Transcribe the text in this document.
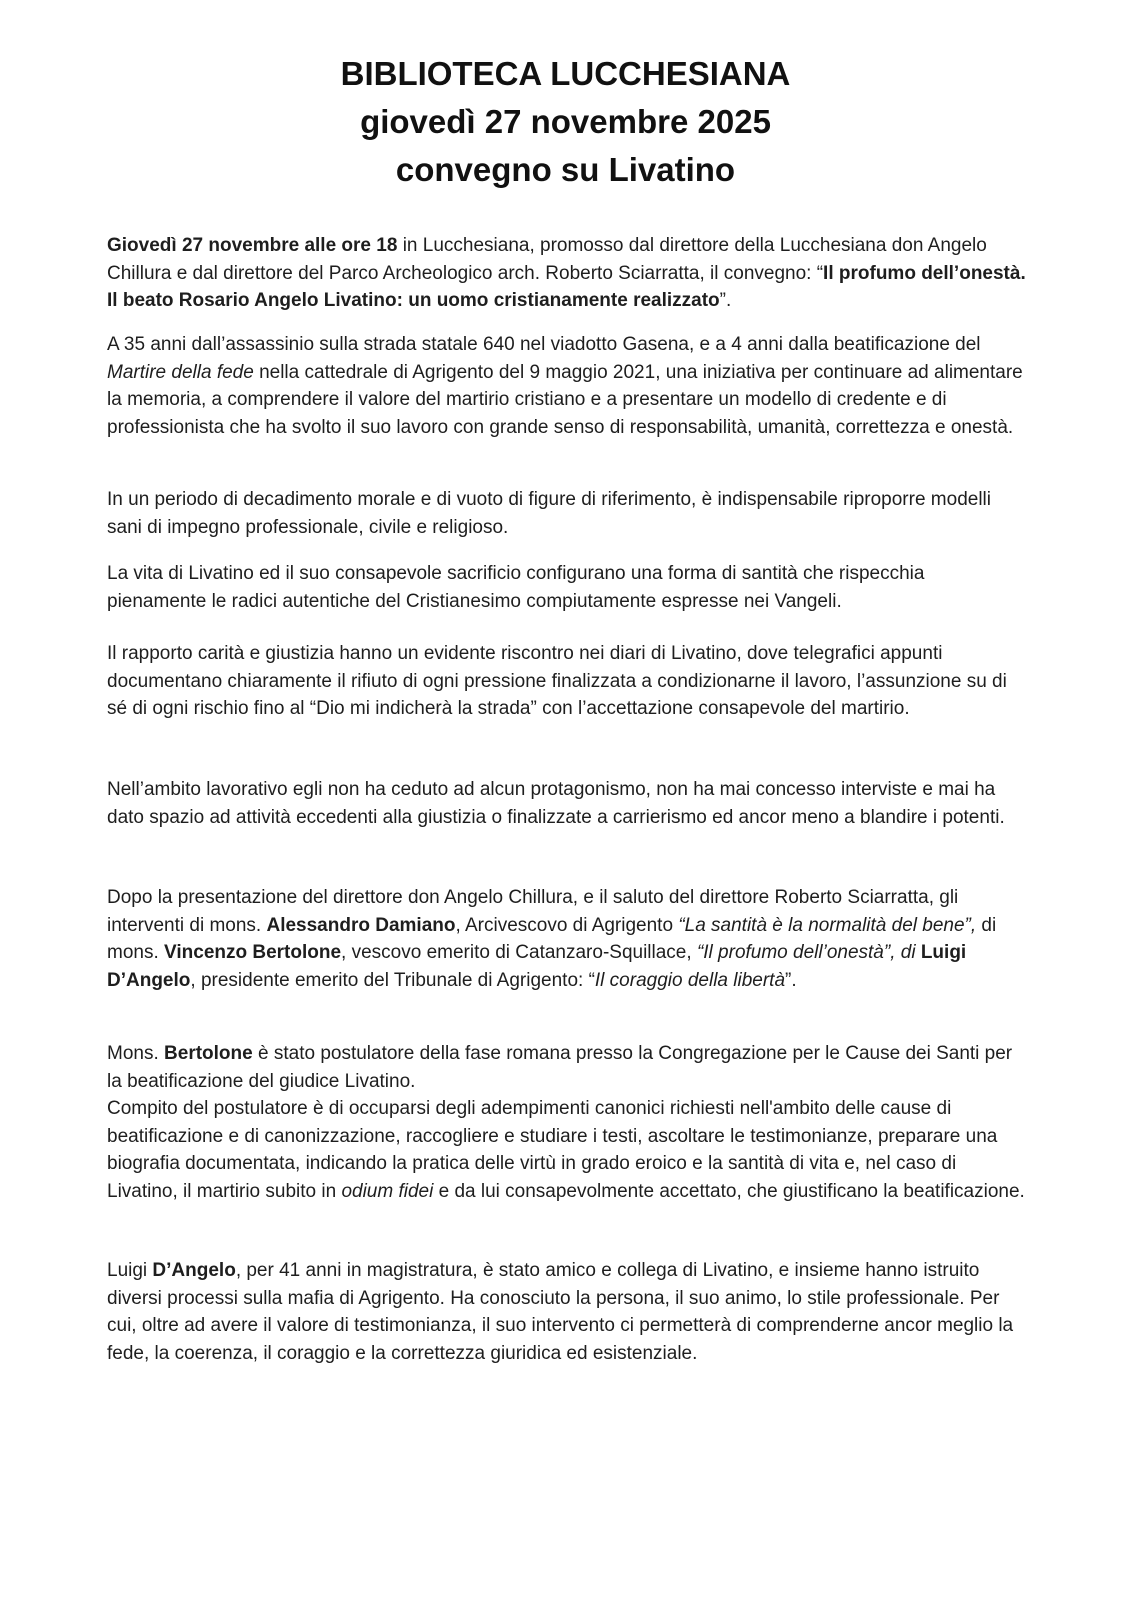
BIBLIOTECA LUCCHESIANA
giovedì 27 novembre 2025
convegno su Livatino

Giovedì 27 novembre alle ore 18 in Lucchesiana, promosso dal direttore della Lucchesiana don Angelo Chillura e dal direttore del Parco Archeologico arch. Roberto Sciarratta, il convegno: “Il profumo dell’onestà. Il beato Rosario Angelo Livatino: un uomo cristianamente realizzato”.

A 35 anni dall’assassinio sulla strada statale 640 nel viadotto Gasena, e a 4 anni dalla beatificazione del Martire della fede nella cattedrale di Agrigento del 9 maggio 2021, una iniziativa per continuare ad alimentare la memoria, a comprendere il valore del martirio cristiano e a presentare un modello di credente e di professionista che ha svolto il suo lavoro con grande senso di responsabilità, umanità, correttezza e onestà.

In un periodo di decadimento morale e di vuoto di figure di riferimento, è indispensabile riproporre modelli sani di impegno professionale, civile e religioso.

La vita di Livatino ed il suo consapevole sacrificio configurano una forma di santità che rispecchia pienamente le radici autentiche del Cristianesimo compiutamente espresse nei Vangeli.

Il rapporto carità e giustizia hanno un evidente riscontro nei diari di Livatino, dove telegrafici appunti documentano chiaramente il rifiuto di ogni pressione finalizzata a condizionarne il lavoro, l’assunzione su di sé di ogni rischio fino al “Dio mi indicherà la strada” con l’accettazione consapevole del martirio.

Nell’ambito lavorativo egli non ha ceduto ad alcun protagonismo, non ha mai concesso interviste e mai ha dato spazio ad attività eccedenti alla giustizia o finalizzate a carrierismo ed ancor meno a blandire i potenti.

Dopo la presentazione del direttore don Angelo Chillura, e il saluto del direttore Roberto Sciarratta, gli interventi di mons. Alessandro Damiano, Arcivescovo di Agrigento “La santità è la normalità del bene”, di mons. Vincenzo Bertolone, vescovo emerito di Catanzaro-Squillace, “Il profumo dell’onestà”, di Luigi D’Angelo, presidente emerito del Tribunale di Agrigento: “Il coraggio della libertà”.

Mons. Bertolone è stato postulatore della fase romana presso la Congregazione per le Cause dei Santi per la beatificazione del giudice Livatino.

Compito del postulatore è di occuparsi degli adempimenti canonici richiesti nell'ambito delle cause di beatificazione e di canonizzazione, raccogliere e studiare i testi, ascoltare le testimonianze, preparare una biografia documentata, indicando la pratica delle virtù in grado eroico e la santità di vita e, nel caso di Livatino, il martirio subito in odium fidei e da lui consapevolmente accettato, che giustificano la beatificazione.

Luigi D’Angelo, per 41 anni in magistratura, è stato amico e collega di Livatino, e insieme hanno istruito diversi processi sulla mafia di Agrigento. Ha conosciuto la persona, il suo animo, lo stile professionale. Per cui, oltre ad avere il valore di testimonianza, il suo intervento ci permetterà di comprenderne ancor meglio la fede, la coerenza, il coraggio e la correttezza giuridica ed esistenziale.
